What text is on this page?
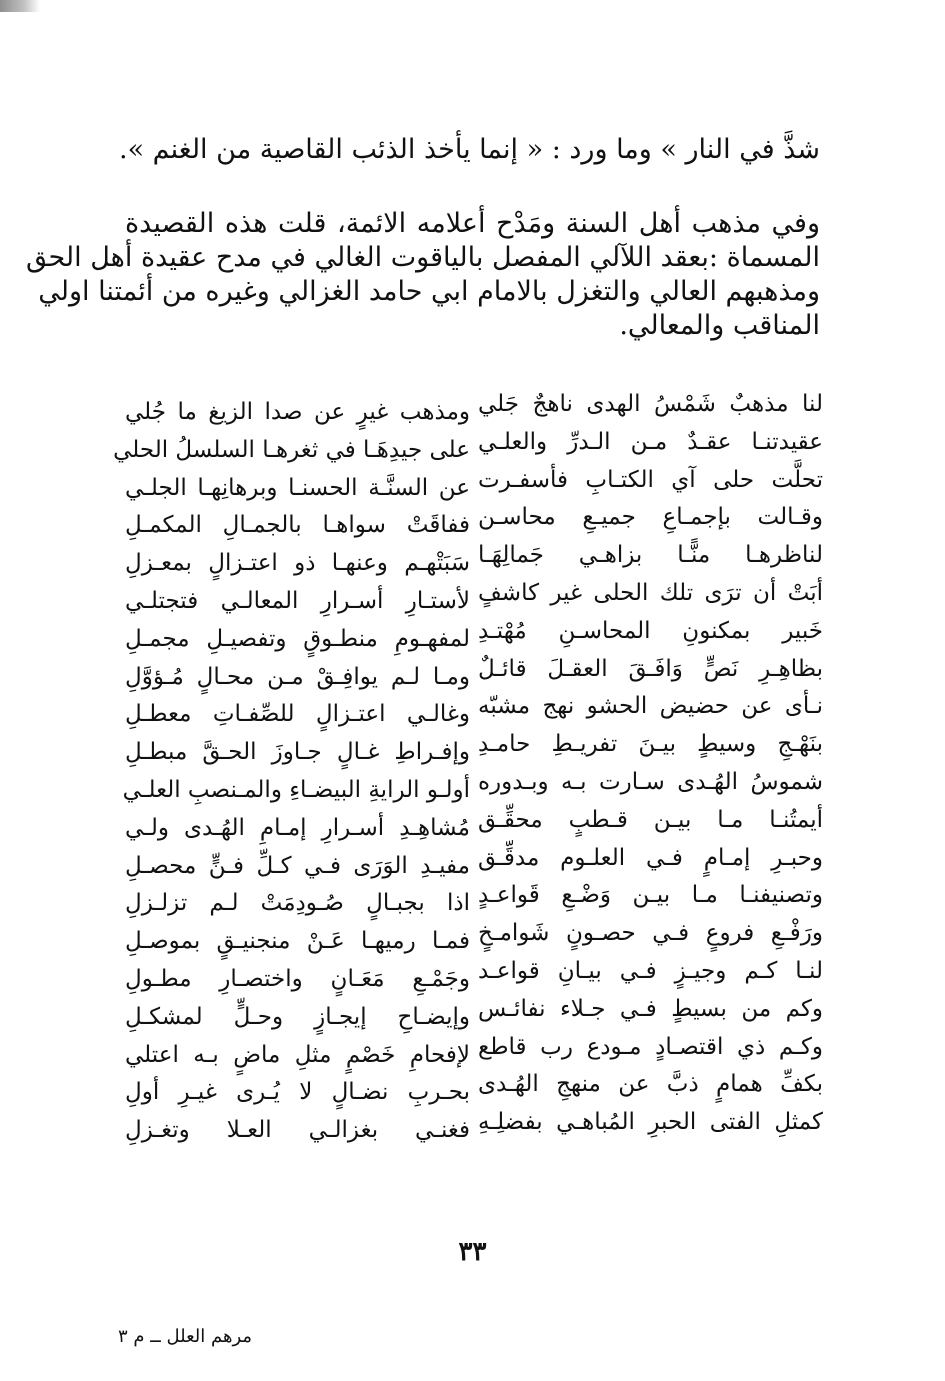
شذَّ في النار » وما ورد : « إنما يأخذ الذئب القاصية من الغنم ».
وفي مذهب أهل السنة ومَدْح أعلامه الائمة، قلت هذه القصيدة
المسماة :بعقد اللآلي المفصل بالياقوت الغالي في مدح عقيدة أهل الحق
ومذهبهم العالي والتغزل بالامام ابي حامد الغزالي وغيره من أئمتنا اولي
المناقب والمعالي.
لنا مذهبٌ شَمْسُ الهدى ناهجٌ جَلي
عقيدتنـا عقـدٌ مـن الـدرِّ والعلـي
تحلَّت حلى آي الكتـابِ فأسفـرت
وقـالت بإجمـاعِ جميـعِ محاسـن
لناظرهـا منًّـا بزاهـي جَمالِهَـا
أبَتْ أن ترَى تلك الحلى غير كاشفٍ
خَبير بمكنونِ المحاسـنِ مُهْتـدِ
بظاهِـرِ نَصٍّ وَافَـقَ العقـلَ قائـلٌ
نـأى عن حضيض الحشو نهج مشبّه
بنَهْـجِ وسيطٍ بيـنَ تفريـطِ حامـدِ
شموسُ الهُـدى سـارت بـه وبـدوره
أيمتُنـا مـا بيـن قـطبٍ محقِّـق
وحبـرِ إمـامٍ فـي العلـوم مدقِّـق
وتصنيفنـا مـا بيـن وَضْـعِ قَواعـدٍ
ورَفْـعِ فروعٍ فـي حصـونٍ شَوامـخٍ
لنـا كـم وجيـزٍ فـي بيـانِ قواعـد
وكم من بسيطٍ فـي جـلاء نفائـس
وكـم ذي اقتصـادٍ مـودع رب قاطع
بكفِّ همامٍ ذبَّ عن منهجِ الهُـدى
كمثلِ الفتى الحبرِ المُباهـي بفضلِـهِ
ومذهب غيرٍ عن صدا الزيغ ما جُلي
على جيدِهَـا في ثغرهـا السلسلُ الحلي
عن السنَّـة الحسنـا وبرهانِهـا الجلـي
ففاقَتْ سواهـا بالجمـالِ المكمـلِ
سَبَتْهـم وعنهـا ذو اعتـزالٍ بمعـزلِ
لأستـارِ أسـرارِ المعالـي فتجتلـي
لمفهـومِ منطـوقٍ وتفصيـلِ مجمـلِ
ومـا لـم يوافِـقْ مـن محـالٍ مُـؤوَّلِ
وغالـي اعتـزالٍ للصِّفـاتِ معطـلِ
وإفـراطِ غـالٍ جـاوزَ الحـقَّ مبطـلِ
أولـو الرايةِ البيضـاءِ والمـنصبِ العلـي
مُشاهِـدِ أسـرارِ إمـامِ الهُـدى ولـي
مفيـدِ الوَرَى فـي كـلِّ فـنٍّ محصـلِ
اذا بجبـالٍ صُـودِمَتْ لـم تزلـزلِ
فمـا رميهـا عَـنْ منجنيـقٍ بموصـلِ
وجَمْـعِ مَعَـانٍ واختصـارِ مطـولِ
وإيضـاحِ إيجـازٍ وحـلٍّ لمشكـلِ
لإفحامِ خَصْمٍ مثلِ ماضٍ بـه اعتلي
بحـربِ نضـالٍ لا يُـرى غيـرِ أولِ
فغنـي بغزالـي العـلا وتغـزلِ
٣٣
مرهم العلل ــ م ٣
